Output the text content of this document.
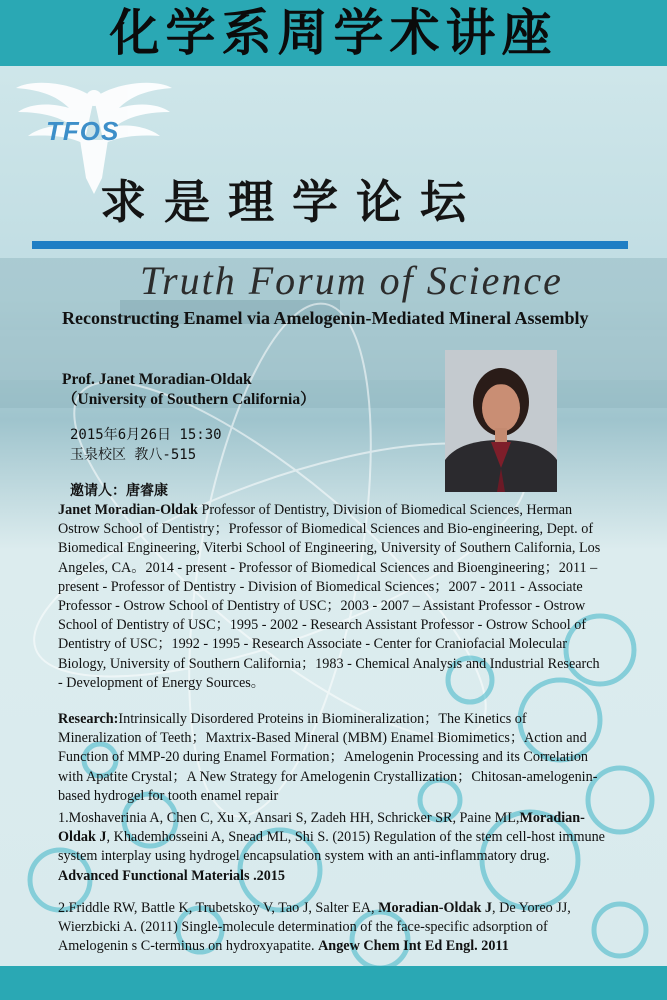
化学系周学术讲座
TFOS
求是理学论坛
Truth Forum of Science
Reconstructing Enamel via Amelogenin-Mediated Mineral Assembly
Prof. Janet Moradian-Oldak
（University of Southern California）
2015年6月26日 15:30
玉泉校区 教八-515
邀请人：唐睿康
Janet Moradian-Oldak Professor of Dentistry, Division of Biomedical Sciences, Herman Ostrow School of Dentistry；Professor of Biomedical Sciences and Bio-engineering, Dept. of Biomedical Engineering, Viterbi School of Engineering, University of Southern California, Los Angeles, CA。2014 - present - Professor of Biomedical Sciences and Bioengineering；2011 – present - Professor of Dentistry - Division of Biomedical Sciences；2007 - 2011 - Associate Professor - Ostrow School of Dentistry of USC；2003 - 2007 – Assistant Professor - Ostrow School of Dentistry of USC；1995 - 2002 - Research Assistant Professor - Ostrow School of Dentistry of USC；1992 - 1995 - Research Associate - Center for Craniofacial Molecular Biology, University of Southern California；1983 - Chemical Analysis and Industrial Research - Development of Energy Sources。
Research:Intrinsically Disordered Proteins in Biomineralization；The Kinetics of Mineralization of Teeth；Maxtrix-Based Mineral (MBM) Enamel Biomimetics；Action and Function of MMP-20 during Enamel Formation；Amelogenin Processing and its Correlation with Apatite Crystal；A New Strategy for Amelogenin Crystallization；Chitosan-amelogenin-based hydrogel for tooth enamel repair
1.Moshaverinia A, Chen C, Xu X, Ansari S, Zadeh HH, Schricker SR, Paine ML,Moradian-Oldak J, Khademhosseini A, Snead ML, Shi S. (2015) Regulation of the stem cell-host immune system interplay using hydrogel encapsulation system with an anti-inflammatory drug. Advanced Functional Materials .2015
2.Friddle RW, Battle K, Trubetskoy V, Tao J, Salter EA, Moradian-Oldak J, De Yoreo JJ, Wierzbicki A. (2011) Single-molecule determination of the face-specific adsorption of Amelogenin s C-terminus on hydroxyapatite. Angew Chem Int Ed Engl. 2011
